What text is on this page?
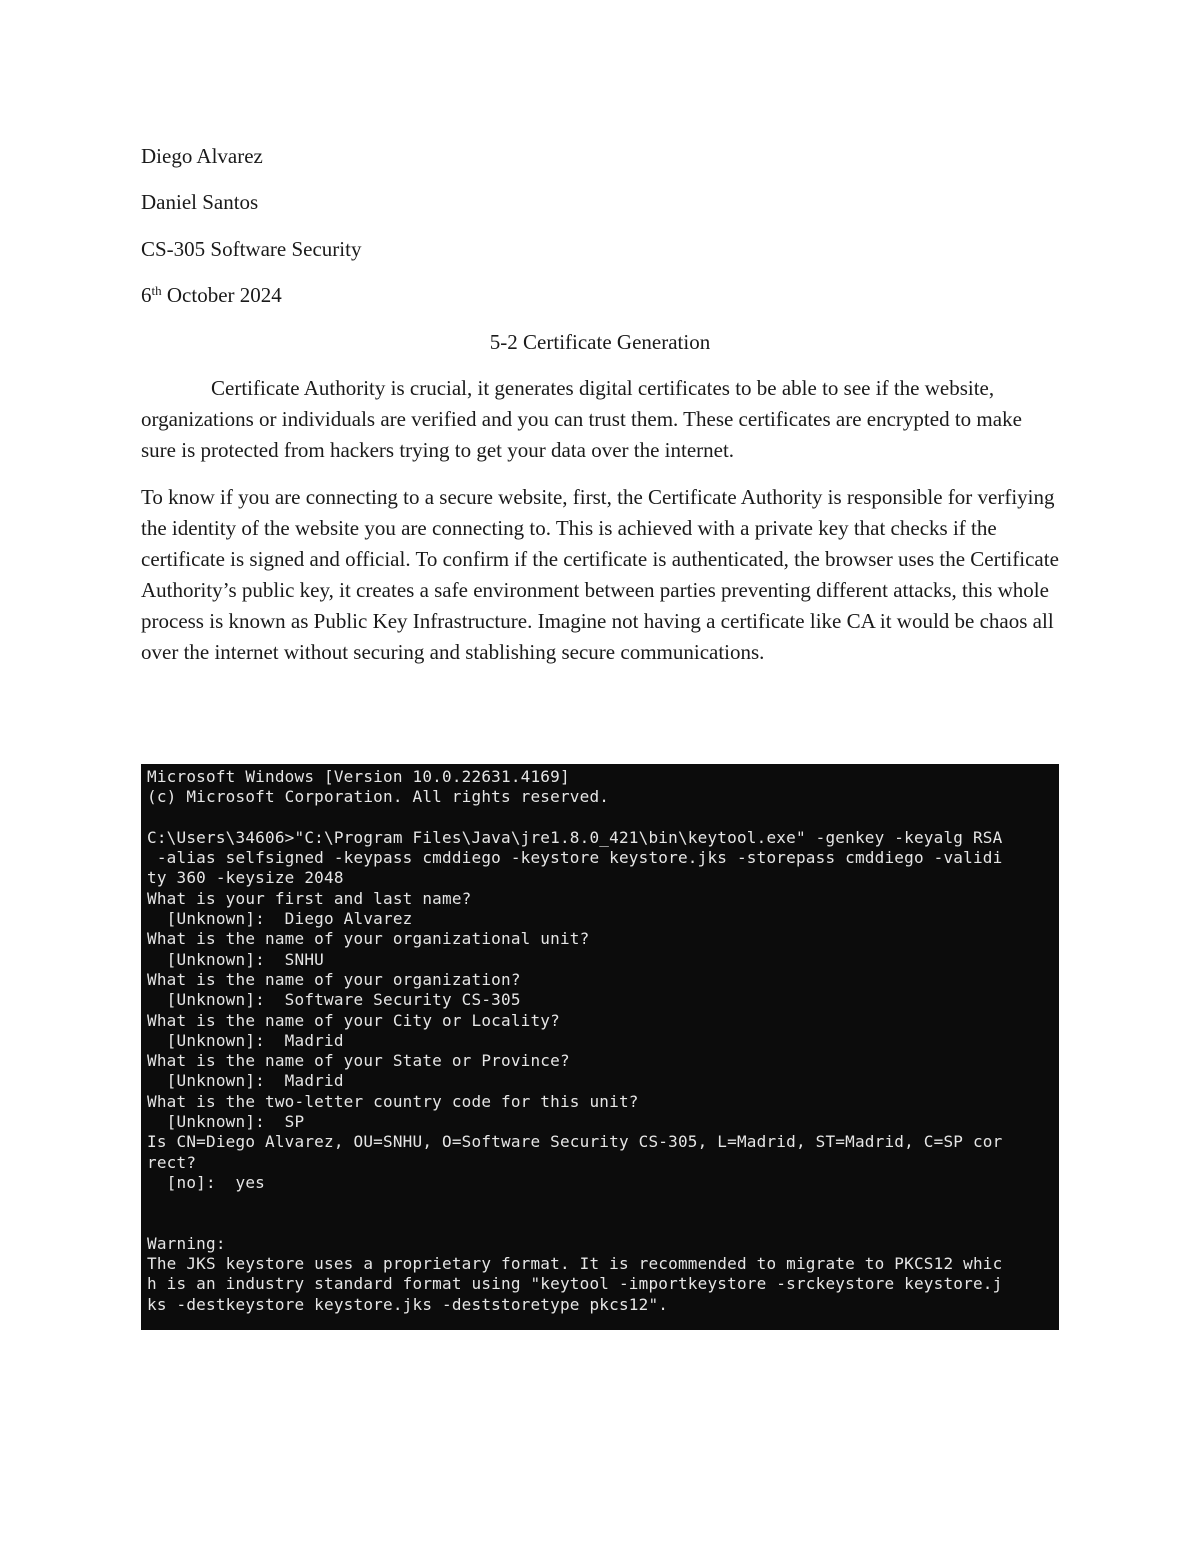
Diego Alvarez
Daniel Santos
CS-305 Software Security
6th October 2024
5-2 Certificate Generation
Certificate Authority is crucial, it generates digital certificates to be able to see if the website, organizations or individuals are verified and you can trust them. These certificates are encrypted to make sure is protected from hackers trying to get your data over the internet.
To know if you are connecting to a secure website, first, the Certificate Authority is responsible for verfiying the identity of the website you are connecting to. This is achieved with a private key that checks if the certificate is signed and official. To confirm if the certificate is authenticated, the browser uses the Certificate Authority’s public key, it creates a safe environment between parties preventing different attacks, this whole process is known as Public Key Infrastructure. Imagine not having a certificate like CA it would be chaos all over the internet without securing and stablishing secure communications.
Microsoft Windows [Version 10.0.22631.4169]
(c) Microsoft Corporation. All rights reserved.
C:\Users\34606>"C:\Program Files\Java\jre1.8.0_421\bin\keytool.exe" -genkey -keyalg RSA
-alias selfsigned -keypass cmddiego -keystore keystore.jks -storepass cmddiego -validi
ty 360 -keysize 2048
What is your first and last name?
[Unknown]:  Diego Alvarez
What is the name of your organizational unit?
[Unknown]:  SNHU
What is the name of your organization?
[Unknown]:  Software Security CS-305
What is the name of your City or Locality?
[Unknown]:  Madrid
What is the name of your State or Province?
[Unknown]:  Madrid
What is the two-letter country code for this unit?
[Unknown]:  SP
Is CN=Diego Alvarez, OU=SNHU, O=Software Security CS-305, L=Madrid, ST=Madrid, C=SP cor
rect?
[no]:  yes
Warning:
The JKS keystore uses a proprietary format. It is recommended to migrate to PKCS12 whic
h is an industry standard format using "keytool -importkeystore -srckeystore keystore.j
ks -destkeystore keystore.jks -deststoretype pkcs12".
